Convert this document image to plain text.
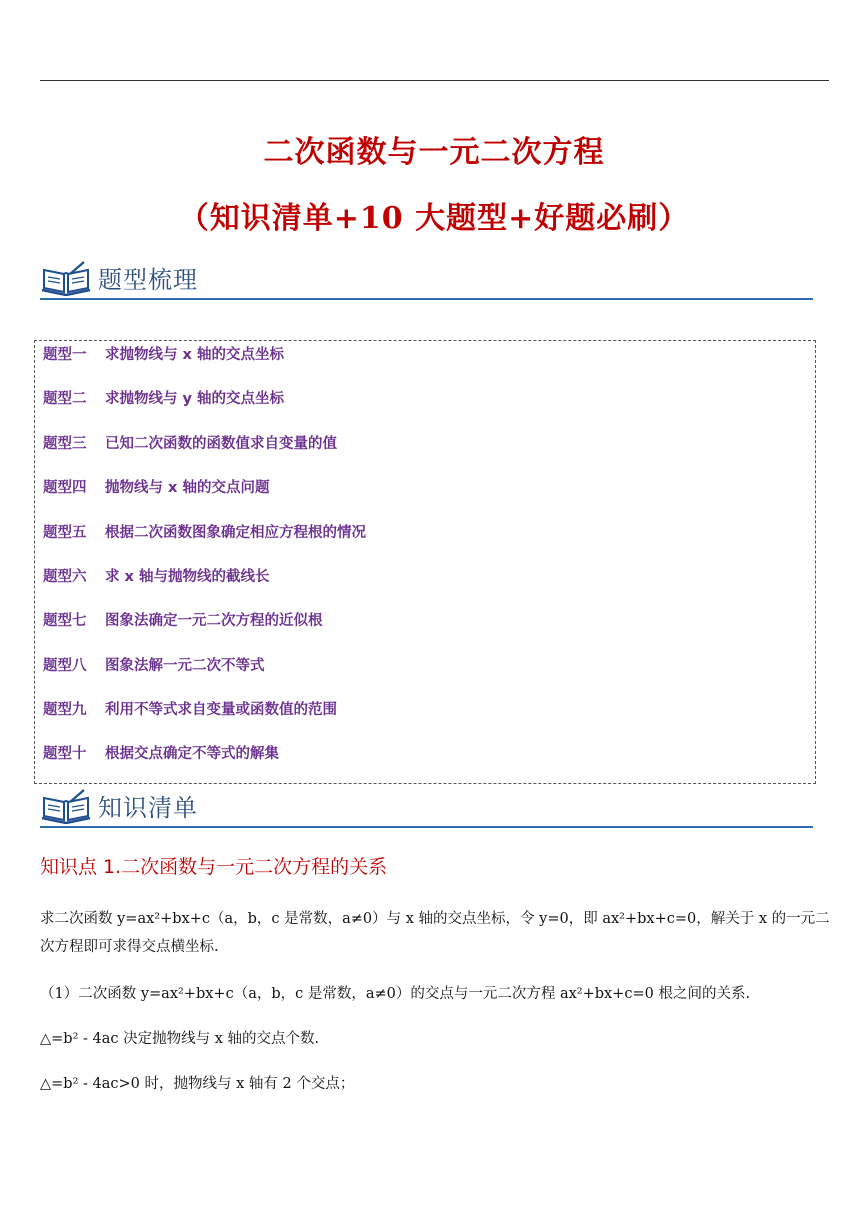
二次函数与一元二次方程
（知识清单+10 大题型+好题必刷）
题型梳理
题型一 求抛物线与 x 轴的交点坐标
题型二 求抛物线与 y 轴的交点坐标
题型三 已知二次函数的函数值求自变量的值
题型四 抛物线与 x 轴的交点问题
题型五 根据二次函数图象确定相应方程根的情况
题型六 求 x 轴与抛物线的截线长
题型七 图象法确定一元二次方程的近似根
题型八 图象法解一元二次不等式
题型九 利用不等式求自变量或函数值的范围
题型十 根据交点确定不等式的解集
知识清单
知识点 1.二次函数与一元二次方程的关系
求二次函数 y=ax²+bx+c（a，b，c 是常数，a≠0）与 x 轴的交点坐标，令 y=0，即 ax²+bx+c=0，解关于 x 的一元二次方程即可求得交点横坐标.
（1）二次函数 y=ax²+bx+c（a，b，c 是常数，a≠0）的交点与一元二次方程 ax²+bx+c=0 根之间的关系.
△=b² - 4ac 决定抛物线与 x 轴的交点个数.
△=b² - 4ac>0 时，抛物线与 x 轴有 2 个交点；
